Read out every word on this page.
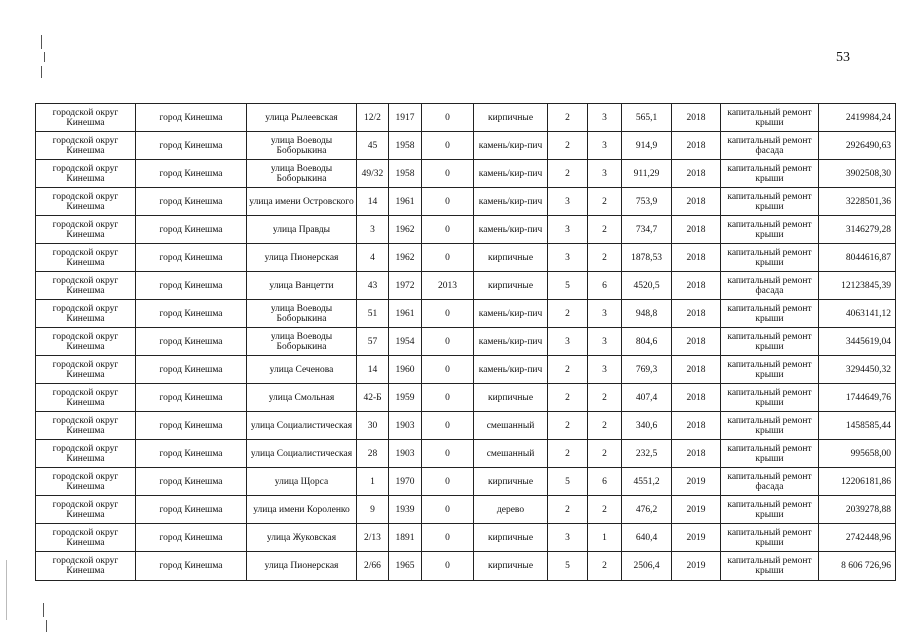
53
городской округ Кинешма	город Кинешма	улица Рылеевская	12/2	1917	0	кирпичные	2	3	565,1	2018	капитальный ремонт крыши	2419984,24
городской округ Кинешма	город Кинешма	улица Воеводы Боборыкина	45	1958	0	камень/кир-пич	2	3	914,9	2018	капитальный ремонт фасада	2926490,63
городской округ Кинешма	город Кинешма	улица Воеводы Боборыкина	49/32	1958	0	камень/кир-пич	2	3	911,29	2018	капитальный ремонт крыши	3902508,30
городской округ Кинешма	город Кинешма	улица имени Островского	14	1961	0	камень/кир-пич	3	2	753,9	2018	капитальный ремонт крыши	3228501,36
городской округ Кинешма	город Кинешма	улица Правды	3	1962	0	камень/кир-пич	3	2	734,7	2018	капитальный ремонт крыши	3146279,28
городской округ Кинешма	город Кинешма	улица Пионерская	4	1962	0	кирпичные	3	2	1878,53	2018	капитальный ремонт крыши	8044616,87
городской округ Кинешма	город Кинешма	улица Ванцетти	43	1972	2013	кирпичные	5	6	4520,5	2018	капитальный ремонт фасада	12123845,39
городской округ Кинешма	город Кинешма	улица Воеводы Боборыкина	51	1961	0	камень/кир-пич	2	3	948,8	2018	капитальный ремонт крыши	4063141,12
городской округ Кинешма	город Кинешма	улица Воеводы Боборыкина	57	1954	0	камень/кир-пич	3	3	804,6	2018	капитальный ремонт крыши	3445619,04
городской округ Кинешма	город Кинешма	улица Сеченова	14	1960	0	камень/кир-пич	2	3	769,3	2018	капитальный ремонт крыши	3294450,32
городской округ Кинешма	город Кинешма	улица Смольная	42-Б	1959	0	кирпичные	2	2	407,4	2018	капитальный ремонт крыши	1744649,76
городской округ Кинешма	город Кинешма	улица Социалистическая	30	1903	0	смешанный	2	2	340,6	2018	капитальный ремонт крыши	1458585,44
городской округ Кинешма	город Кинешма	улица Социалистическая	28	1903	0	смешанный	2	2	232,5	2018	капитальный ремонт крыши	995658,00
городской округ Кинешма	город Кинешма	улица Щорса	1	1970	0	кирпичные	5	6	4551,2	2019	капитальный ремонт фасада	12206181,86
городской округ Кинешма	город Кинешма	улица имени Короленко	9	1939	0	дерево	2	2	476,2	2019	капитальный ремонт крыши	2039278,88
городской округ Кинешма	город Кинешма	улица Жуковская	2/13	1891	0	кирпичные	3	1	640,4	2019	капитальный ремонт крыши	2742448,96
городской округ Кинешма	город Кинешма	улица Пионерская	2/66	1965	0	кирпичные	5	2	2506,4	2019	капитальный ремонт крыши	8 606 726,96
